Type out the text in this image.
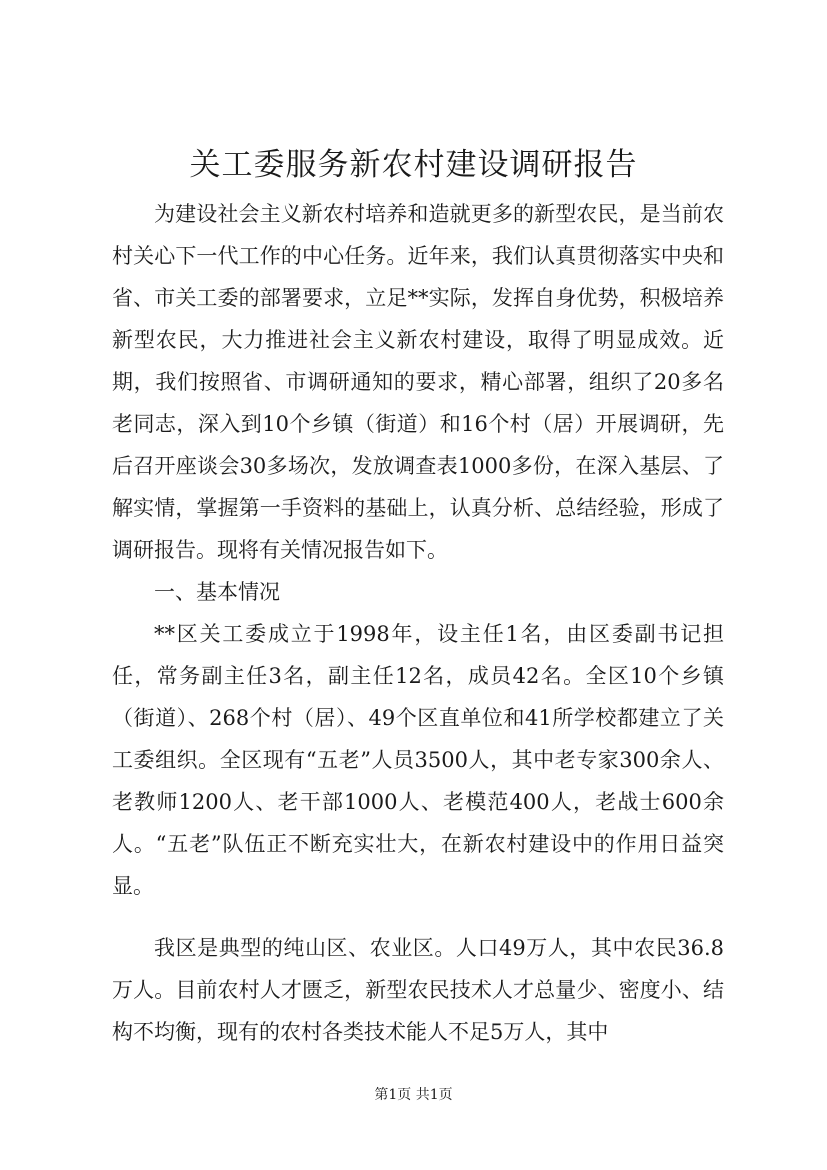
关工委服务新农村建设调研报告

为建设社会主义新农村培养和造就更多的新型农民，是当前农村关心下一代工作的中心任务。近年来，我们认真贯彻落实中央和省、市关工委的部署要求，立足**实际，发挥自身优势，积极培养新型农民，大力推进社会主义新农村建设，取得了明显成效。近期，我们按照省、市调研通知的要求，精心部署，组织了20多名老同志，深入到10个乡镇（街道）和16个村（居）开展调研，先后召开座谈会30多场次，发放调查表1000多份，在深入基层、了解实情，掌握第一手资料的基础上，认真分析、总结经验，形成了调研报告。现将有关情况报告如下。

一、基本情况

**区关工委成立于1998年，设主任1名，由区委副书记担任，常务副主任3名，副主任12名，成员42名。全区10个乡镇（街道）、268个村（居）、49个区直单位和41所学校都建立了关工委组织。全区现有“五老”人员3500人，其中老专家300余人、老教师1200人、老干部1000人、老模范400人，老战士600余人。“五老”队伍正不断充实壮大，在新农村建设中的作用日益突显。

我区是典型的纯山区、农业区。人口49万人，其中农民36.8万人。目前农村人才匮乏，新型农民技术人才总量少、密度小、结构不均衡，现有的农村各类技术能人不足5万人，其中

第1页 共1页
